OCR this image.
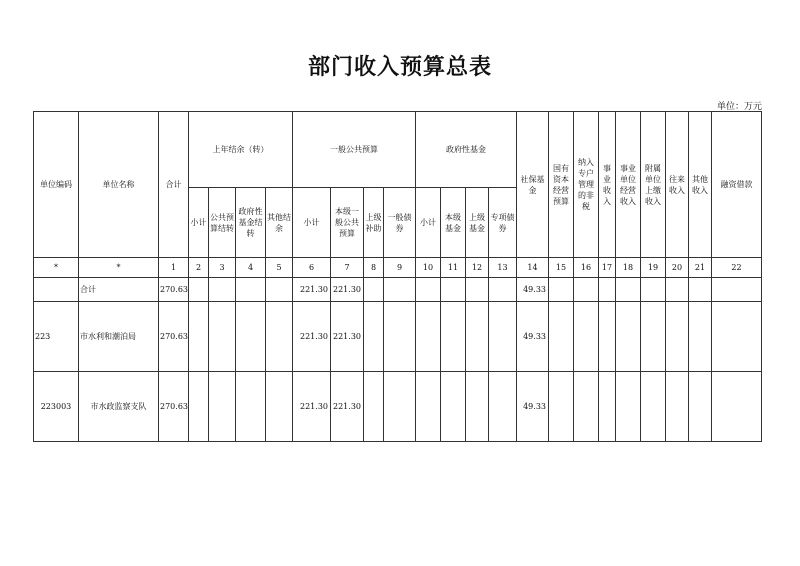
部门收入预算总表
单位：万元
单位编码	单位名称	合计	上年结余（转）				一般公共预算				政府性基金				社保基金	国有资本经营预算	纳入专户管理的非税	事业收入	事业单位经营收入	附属单位上缴收入	往来收入	其他收入	融资借款
			小计	公共预算结转	政府性基金结转	其他结余	小计	本级一般公共预算	上级补助	一般债券	小计	本级基金	上级基金	专项债券									
*	*	1	2	3	4	5	6	7	8	9	10	11	12	13	14	15	16	17	18	19	20	21	22
	合计	270.63					221.30	221.30							49.33								
223	市水利和潮泊局	270.63					221.30	221.30							49.33								
223003	市水政监察支队	270.63					221.30	221.30							49.33								
